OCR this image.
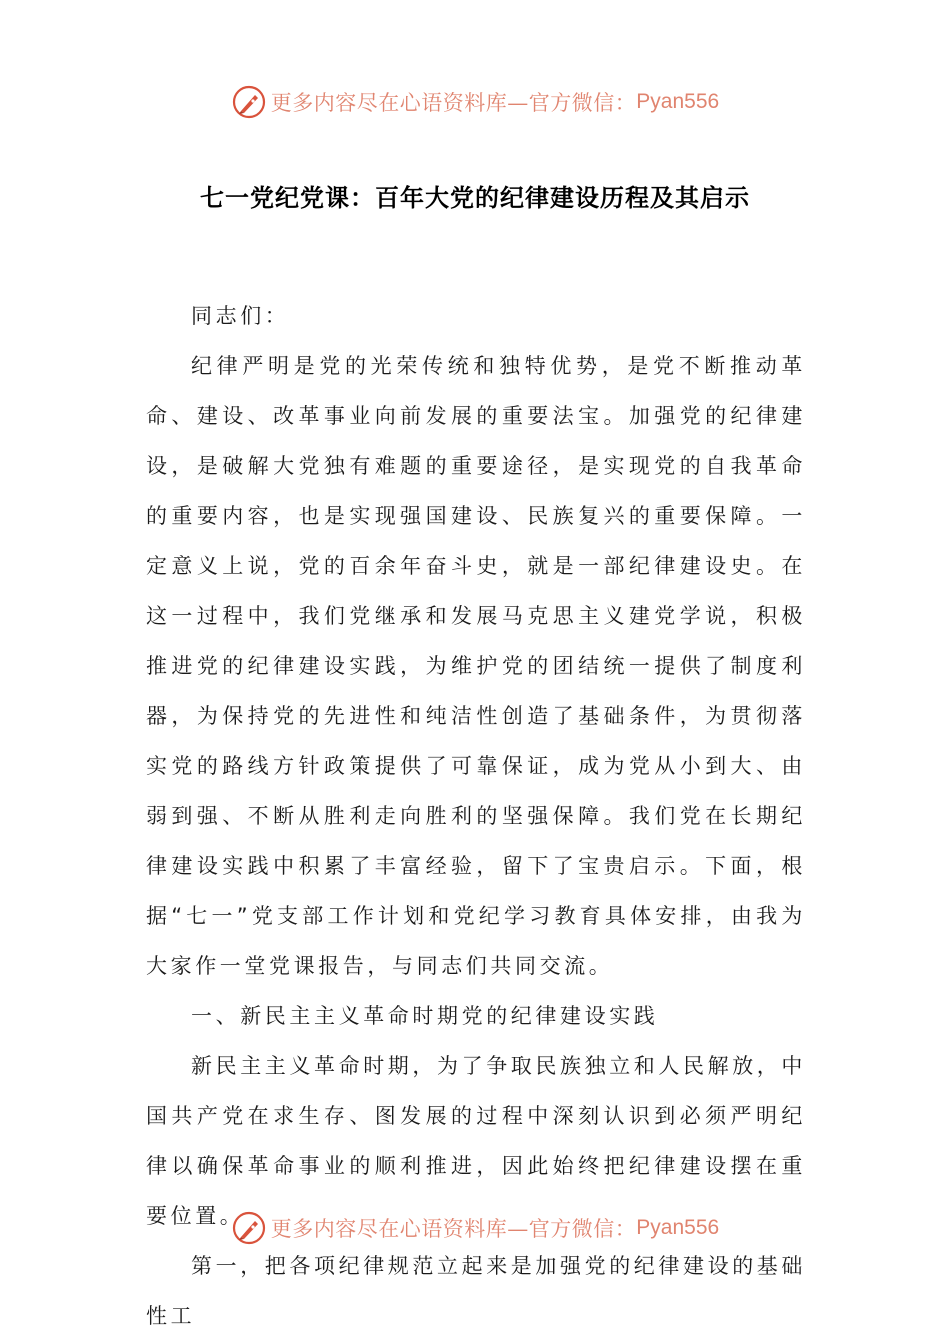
更多内容尽在心语资料库—官方微信： Pyan556
七一党纪党课：百年大党的纪律建设历程及其启示

同志们：

纪律严明是党的光荣传统和独特优势，是党不断推动革命、建设、改革事业向前发展的重要法宝。加强党的纪律建设，是破解大党独有难题的重要途径，是实现党的自我革命的重要内容，也是实现强国建设、民族复兴的重要保障。一定意义上说，党的百余年奋斗史，就是一部纪律建设史。在这一过程中，我们党继承和发展马克思主义建党学说，积极推进党的纪律建设实践，为维护党的团结统一提供了制度利器，为保持党的先进性和纯洁性创造了基础条件，为贯彻落实党的路线方针政策提供了可靠保证，成为党从小到大、由弱到强、不断从胜利走向胜利的坚强保障。我们党在长期纪律建设实践中积累了丰富经验，留下了宝贵启示。下面，根据“七一”党支部工作计划和党纪学习教育具体安排，由我为大家作一堂党课报告，与同志们共同交流。

一、新民主主义革命时期党的纪律建设实践

新民主主义革命时期，为了争取民族独立和人民解放，中国共产党在求生存、图发展的过程中深刻认识到必须严明纪律以确保革命事业的顺利推进，因此始终把纪律建设摆在重要位置。

第一，把各项纪律规范立起来是加强党的纪律建设的基础性工

更多内容尽在心语资料库—官方微信： Pyan556
